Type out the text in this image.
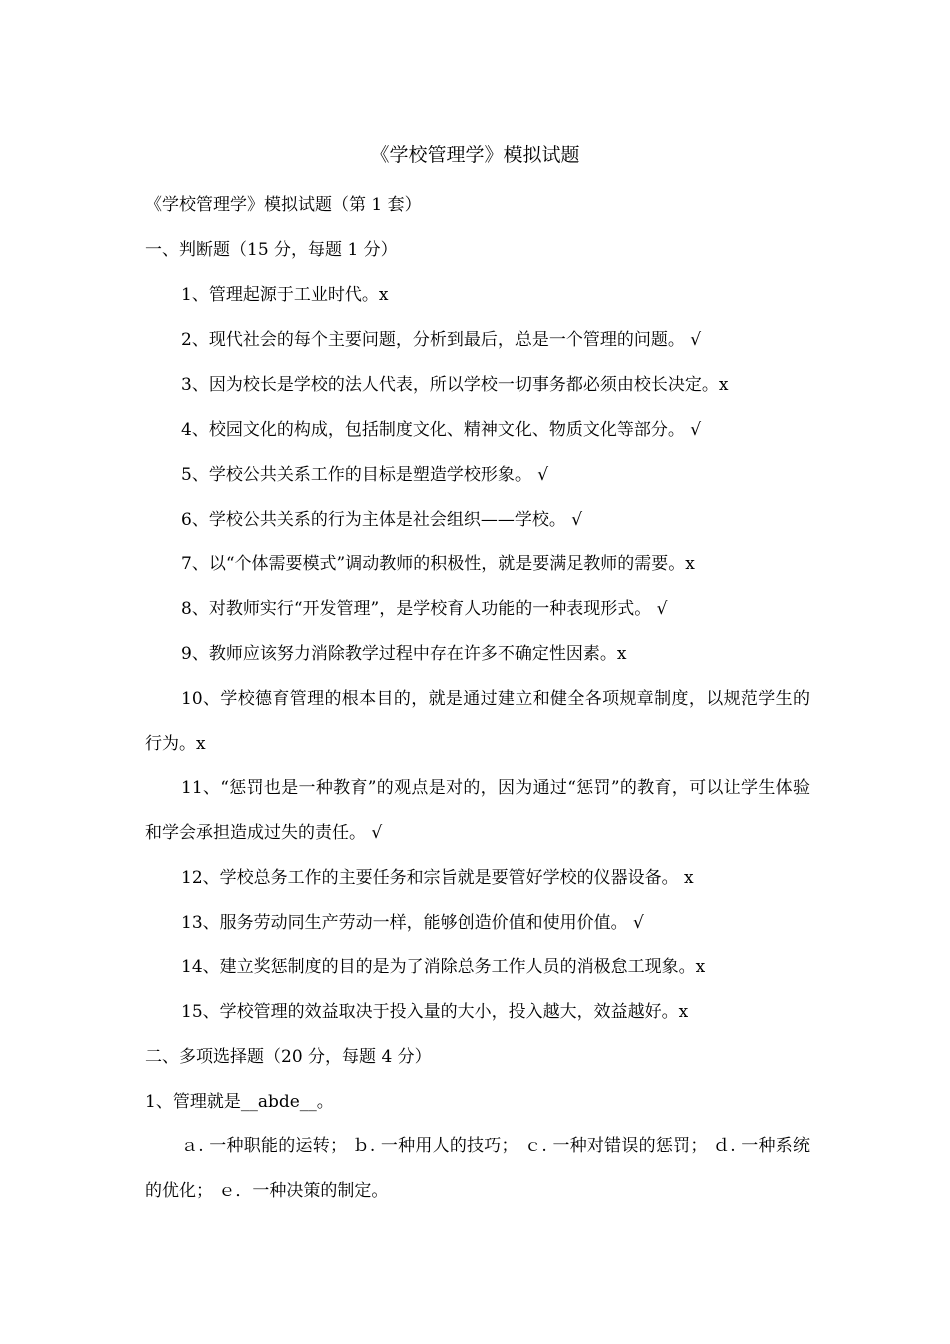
《学校管理学》模拟试题
《学校管理学》模拟试题（第 1 套）
一、判断题（15 分，每题 1 分）
1、管理起源于工业时代。x
2、现代社会的每个主要问题，分析到最后，总是一个管理的问题。 √
3、因为校长是学校的法人代表，所以学校一切事务都必须由校长决定。x
4、校园文化的构成，包括制度文化、精神文化、物质文化等部分。 √
5、学校公共关系工作的目标是塑造学校形象。 √
6、学校公共关系的行为主体是社会组织——学校。 √
7、以“个体需要模式”调动教师的积极性，就是要满足教师的需要。x
8、对教师实行“开发管理”，是学校育人功能的一种表现形式。 √
9、教师应该努力消除教学过程中存在许多不确定性因素。x
10、学校德育管理的根本目的，就是通过建立和健全各项规章制度，以规范学生的行为。x
11、“惩罚也是一种教育”的观点是对的，因为通过“惩罚”的教育，可以让学生体验和学会承担造成过失的责任。 √
12、学校总务工作的主要任务和宗旨就是要管好学校的仪器设备。 x
13、服务劳动同生产劳动一样，能够创造价值和使用价值。 √
14、建立奖惩制度的目的是为了消除总务工作人员的消极怠工现象。x
15、学校管理的效益取决于投入量的大小，投入越大，效益越好。x
二、多项选择题（20 分，每题 4 分）
1、管理就是__abde__。
ａ. 一种职能的运转； ｂ. 一种用人的技巧； ｃ. 一种对错误的惩罚； ｄ. 一种系统的优化； ｅ．一种决策的制定。
